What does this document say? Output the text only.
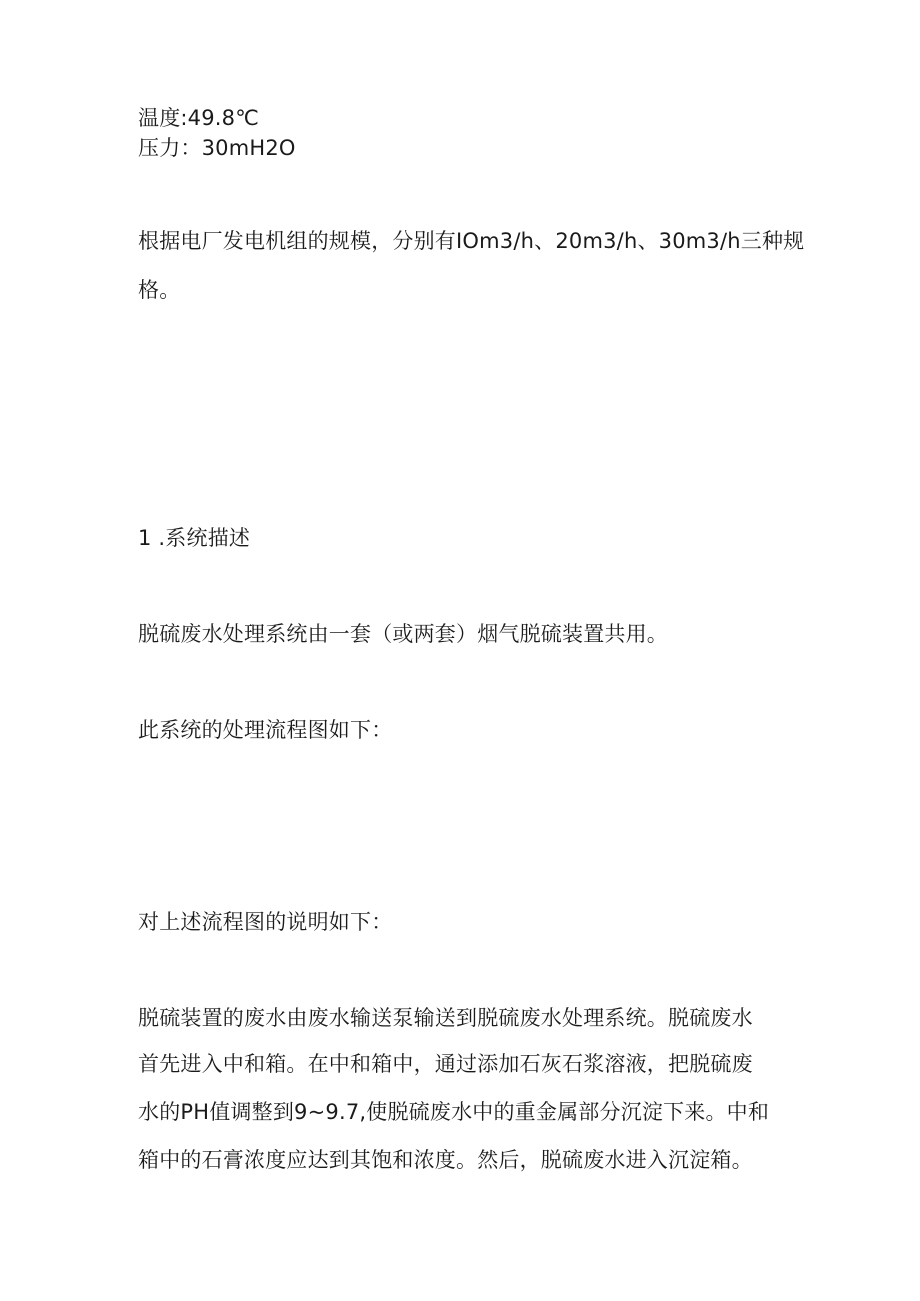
温度:49.8℃
压力：30mH2O
根据电厂发电机组的规模，分别有IOm3/h、20m3/h、30m3∕h三种规
格。
1 .系统描述
脱硫废水处理系统由一套（或两套）烟气脱硫装置共用。
此系统的处理流程图如下：
对上述流程图的说明如下：
脱硫装置的废水由废水输送泵输送到脱硫废水处理系统。脱硫废水
首先进入中和箱。在中和箱中，通过添加石灰石浆溶液，把脱硫废
水的PH值调整到9~9.7,使脱硫废水中的重金属部分沉淀下来。中和
箱中的石膏浓度应达到其饱和浓度。然后，脱硫废水进入沉淀箱。
